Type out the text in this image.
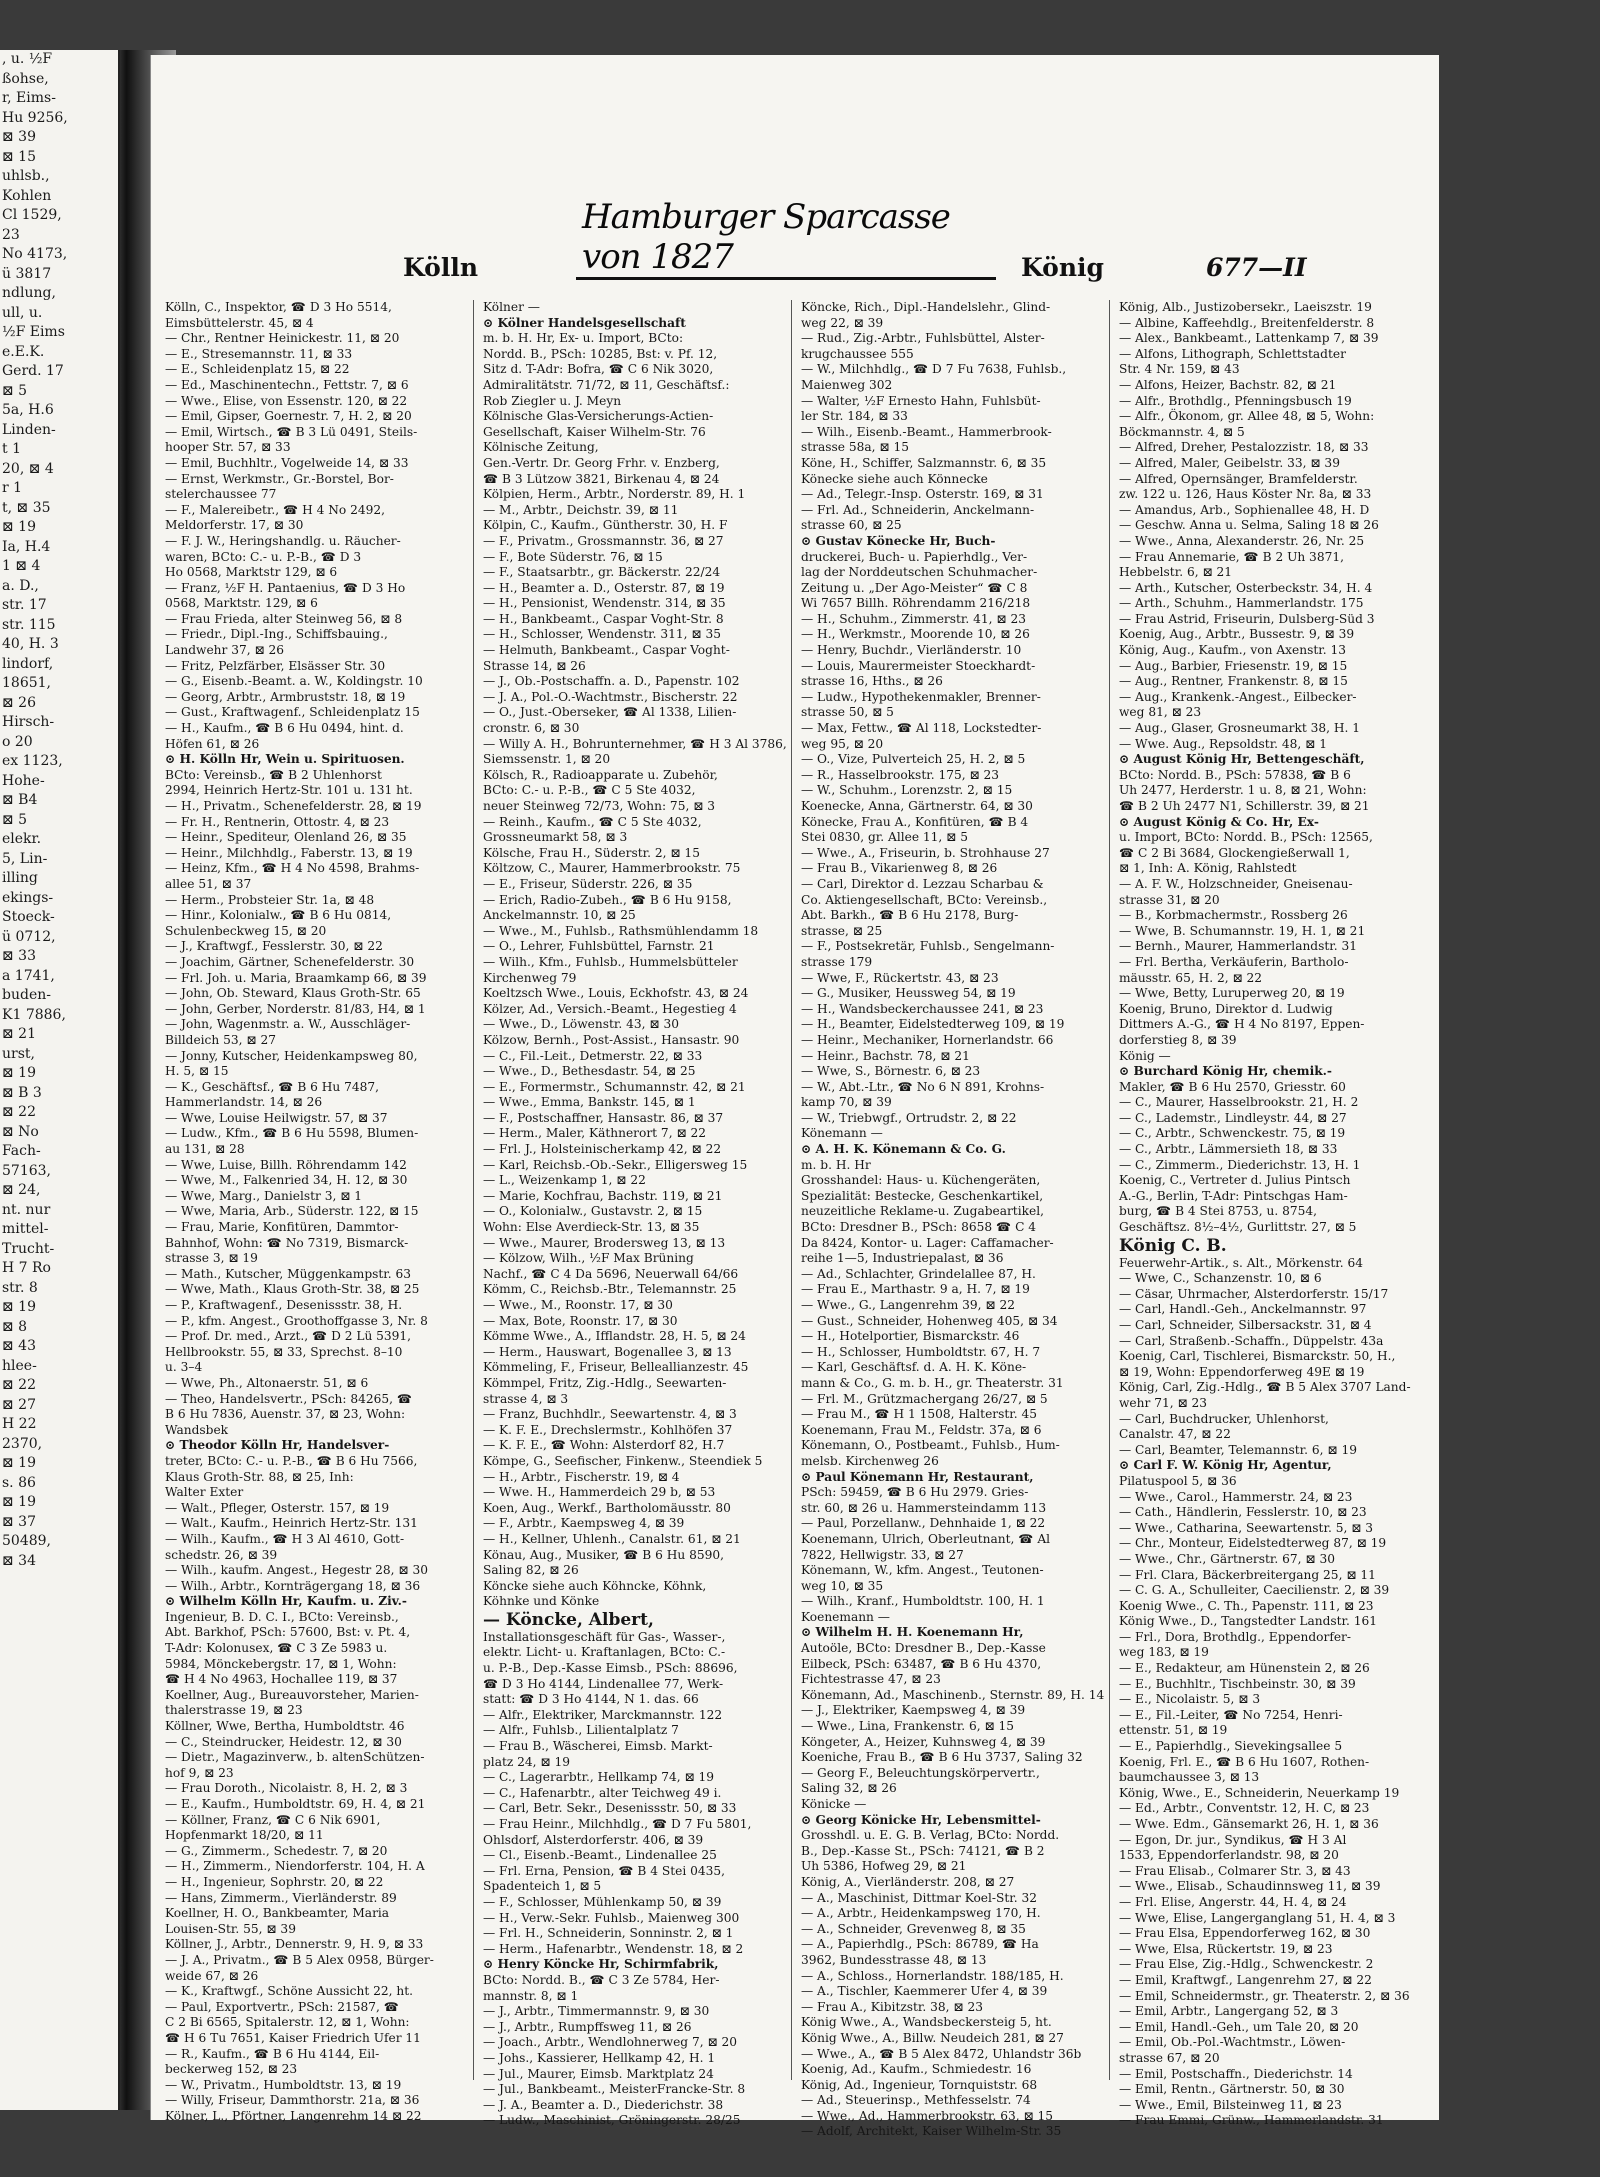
, u. ½F
ßohse,
r, Eims-
Hu 9256,
⊠ 39
⊠ 15
uhlsb.,
Kohlen
Cl 1529,
23
No 4173,
ü 3817
ndlung,
ull, u.
½F Eims
e.E.K.
Gerd. 17
⊠ 5
5a, H.6
Linden-
t 1
20, ⊠ 4
r 1
t, ⊠ 35
⊠ 19
Ia, H.4
1 ⊠ 4
a. D.,
str. 17
str. 115
40, H. 3
lindorf,
18651,
⊠ 26
Hirsch-
o 20
ex 1123,
Hohe-
⊠ B4
⊠ 5
elekr.
5, Lin-
illing
ekings-
Stoeck-
ü 0712,
⊠ 33
a 1741,
buden-
K1 7886,
⊠ 21
urst,
⊠ 19
⊠ B 3
⊠ 22
⊠ No
Fach-
57163,
⊠ 24,
nt. nur
mittel-
Trucht-
H 7 Ro
str. 8
⊠ 19
⊠ 8
⊠ 43
hlee-
⊠ 22
⊠ 27
H 22
2370,
⊠ 19
s. 86
⊠ 19
⊠ 37
50489,
⊠ 34
Kölln
Hamburger Sparcasse von 1827	König	677—II
Kölln, C., Inspektor, ☎ D 3 Ho 5514,
Eimsbüttelerstr. 45, ⊠ 4
— Chr., Rentner Heinickestr. 11, ⊠ 20
— E., Stresemannstr. 11, ⊠ 33
— E., Schleidenplatz 15, ⊠ 22
— Ed., Maschinentechn., Fettstr. 7, ⊠ 6
— Wwe., Elise, von Essenstr. 120, ⊠ 22
— Emil, Gipser, Goernestr. 7, H. 2, ⊠ 20
— Emil, Wirtsch., ☎ B 3 Lü 0491, Steils-
hooper Str. 57, ⊠ 33
— Emil, Buchhltr., Vogelweide 14, ⊠ 33
— Ernst, Werkmstr., Gr.-Borstel, Bor-
stelerchaussee 77
— F., Malereibetr., ☎ H 4 No 2492,
Meldorferstr. 17, ⊠ 30
— F. J. W., Heringshandlg. u. Räucher-
waren, BCto: C.- u. P.-B., ☎ D 3
Ho 0568, Marktstr 129, ⊠ 6
— Franz, ½F H. Pantaenius, ☎ D 3 Ho
0568, Marktstr. 129, ⊠ 6
— Frau Frieda, alter Steinweg 56, ⊠ 8
— Friedr., Dipl.-Ing., Schiffsbauing.,
Landwehr 37, ⊠ 26
— Fritz, Pelzfärber, Elsässer Str. 30
— G., Eisenb.-Beamt. a. W., Koldingstr. 10
— Georg, Arbtr., Armbruststr. 18, ⊠ 19
— Gust., Kraftwagenf., Schleidenplatz 15
— H., Kaufm., ☎ B 6 Hu 0494, hint. d.
Höfen 61, ⊠ 26
⊙ H. Kölln Hr, Wein u. Spirituosen.
BCto: Vereinsb., ☎ B 2 Uhlenhorst
2994, Heinrich Hertz-Str. 101 u. 131 ht.
— H., Privatm., Schenefelderstr. 28, ⊠ 19
— Fr. H., Rentnerin, Ottostr. 4, ⊠ 23
— Heinr., Spediteur, Olenland 26, ⊠ 35
— Heinr., Milchhdlg., Faberstr. 13, ⊠ 19
— Heinz, Kfm., ☎ H 4 No 4598, Brahms-
allee 51, ⊠ 37
— Herm., Probsteier Str. 1a, ⊠ 48
— Hinr., Kolonialw., ☎ B 6 Hu 0814,
Schulenbeckweg 15, ⊠ 20
— J., Kraftwgf., Fesslerstr. 30, ⊠ 22
— Joachim, Gärtner, Schenefelderstr. 30
— Frl. Joh. u. Maria, Braamkamp 66, ⊠ 39
— John, Ob. Steward, Klaus Groth-Str. 65
— John, Gerber, Norderstr. 81/83, H4, ⊠ 1
— John, Wagenmstr. a. W., Ausschläger-
Billdeich 53, ⊠ 27
— Jonny, Kutscher, Heidenkampsweg 80,
H. 5, ⊠ 15
— K., Geschäftsf., ☎ B 6 Hu 7487,
Hammerlandstr. 14, ⊠ 26
— Wwe, Louise Heilwigstr. 57, ⊠ 37
— Ludw., Kfm., ☎ B 6 Hu 5598, Blumen-
au 131, ⊠ 28
— Wwe, Luise, Billh. Röhrendamm 142
— Wwe, M., Falkenried 34, H. 12, ⊠ 30
— Wwe, Marg., Danielstr 3, ⊠ 1
— Wwe, Maria, Arb., Süderstr. 122, ⊠ 15
— Frau, Marie, Konfitüren, Dammtor-
Bahnhof, Wohn: ☎ No 7319, Bismarck-
strasse 3, ⊠ 19
— Math., Kutscher, Müggenkampstr. 63
— Wwe, Math., Klaus Groth-Str. 38, ⊠ 25
— P., Kraftwagenf., Desenissstr. 38, H.
— P., kfm. Angest., Groothoffgasse 3, Nr. 8
— Prof. Dr. med., Arzt., ☎ D 2 Lü 5391,
Hellbrookstr. 55, ⊠ 33, Sprechst. 8–10
u. 3–4
— Wwe, Ph., Altonaerstr. 51, ⊠ 6
— Theo, Handelsvertr., PSch: 84265, ☎
B 6 Hu 7836, Auenstr. 37, ⊠ 23, Wohn:
Wandsbek
⊙ Theodor Kölln Hr, Handelsver-
treter, BCto: C.- u. P.-B., ☎ B 6 Hu 7566,
Klaus Groth-Str. 88, ⊠ 25, Inh:
Walter Exter
— Walt., Pfleger, Osterstr. 157, ⊠ 19
— Walt., Kaufm., Heinrich Hertz-Str. 131
— Wilh., Kaufm., ☎ H 3 Al 4610, Gott-
schedstr. 26, ⊠ 39
— Wilh., kaufm. Angest., Hegestr 28, ⊠ 30
— Wilh., Arbtr., Kornträgergang 18, ⊠ 36
⊙ Wilhelm Kölln Hr, Kaufm. u. Ziv.-
Ingenieur, B. D. C. I., BCto: Vereinsb.,
Abt. Barkhof, PSch: 57600, Bst: v. Pt. 4,
T-Adr: Kolonusex, ☎ C 3 Ze 5983 u.
5984, Mönckebergstr. 17, ⊠ 1, Wohn:
☎ H 4 No 4963, Hochallee 119, ⊠ 37
Koellner, Aug., Bureauvorsteher, Marien-
thalerstrasse 19, ⊠ 23
Köllner, Wwe, Bertha, Humboldtstr. 46
— C., Steindrucker, Heidestr. 12, ⊠ 30
— Dietr., Magazinverw., b. altenSchützen-
hof 9, ⊠ 23
— Frau Doroth., Nicolaistr. 8, H. 2, ⊠ 3
— E., Kaufm., Humboldtstr. 69, H. 4, ⊠ 21
— Köllner, Franz, ☎ C 6 Nik 6901,
Hopfenmarkt 18/20, ⊠ 11
— G., Zimmerm., Schedestr. 7, ⊠ 20
— H., Zimmerm., Niendorferstr. 104, H. A
— H., Ingenieur, Sophrstr. 20, ⊠ 22
— Hans, Zimmerm., Vierländerstr. 89
Koellner, H. O., Bankbeamter, Maria
Louisen-Str. 55, ⊠ 39
Köllner, J., Arbtr., Dennerstr. 9, H. 9, ⊠ 33
— J. A., Privatm., ☎ B 5 Alex 0958, Bürger-
weide 67, ⊠ 26
— K., Kraftwgf., Schöne Aussicht 22, ht.
— Paul, Exportvertr., PSch: 21587, ☎
C 2 Bi 6565, Spitalerstr. 12, ⊠ 1, Wohn:
☎ H 6 Tu 7651, Kaiser Friedrich Ufer 11
— R., Kaufm., ☎ B 6 Hu 4144, Eil-
beckerweg 152, ⊠ 23
— W., Privatm., Humboldtstr. 13, ⊠ 19
— Willy, Friseur, Dammthorstr. 21a, ⊠ 36
Kölner, L., Pförtner, Langenrehm 14 ⊠ 22
Kölner —
⊙ Kölner Handelsgesellschaft
m. b. H. Hr, Ex- u. Import, BCto:
Nordd. B., PSch: 10285, Bst: v. Pf. 12,
Sitz d. T-Adr: Bofra, ☎ C 6 Nik 3020,
Admiralitätstr. 71/72, ⊠ 11, Geschäftsf.:
Rob Ziegler u. J. Meyn
Kölnische Glas-Versicherungs-Actien-
Gesellschaft, Kaiser Wilhelm-Str. 76
Kölnische Zeitung,
Gen.-Vertr. Dr. Georg Frhr. v. Enzberg,
☎ B 3 Lützow 3821, Birkenau 4, ⊠ 24
Kölpien, Herm., Arbtr., Norderstr. 89, H. 1
— M., Arbtr., Deichstr. 39, ⊠ 11
Kölpin, C., Kaufm., Güntherstr. 30, H. F
— F., Privatm., Grossmannstr. 36, ⊠ 27
— F., Bote Süderstr. 76, ⊠ 15
— F., Staatsarbtr., gr. Bäckerstr. 22/24
— H., Beamter a. D., Osterstr. 87, ⊠ 19
— H., Pensionist, Wendenstr. 314, ⊠ 35
— H., Bankbeamt., Caspar Voght-Str. 8
— H., Schlosser, Wendenstr. 311, ⊠ 35
— Helmuth, Bankbeamt., Caspar Voght-
Strasse 14, ⊠ 26
— J., Ob.-Postschaffn. a. D., Papenstr. 102
— J. A., Pol.-O.-Wachtmstr., Bischerstr. 22
— O., Just.-Oberseker, ☎ Al 1338, Lilien-
cronstr. 6, ⊠ 30
— Willy A. H., Bohrunternehmer, ☎ H 3 Al 3786,
Siemssenstr. 1, ⊠ 20
Kölsch, R., Radioapparate u. Zubehör,
BCto: C.- u. P.-B., ☎ C 5 Ste 4032,
neuer Steinweg 72/73, Wohn: 75, ⊠ 3
— Reinh., Kaufm., ☎ C 5 Ste 4032,
Grossneumarkt 58, ⊠ 3
Kölsche, Frau H., Süderstr. 2, ⊠ 15
Költzow, C., Maurer, Hammerbrookstr. 75
— E., Friseur, Süderstr. 226, ⊠ 35
— Erich, Radio-Zubeh., ☎ B 6 Hu 9158,
Anckelmannstr. 10, ⊠ 25
— Wwe., M., Fuhlsb., Rathsmühlendamm 18
— O., Lehrer, Fuhlsbüttel, Farnstr. 21
— Wilh., Kfm., Fuhlsb., Hummelsbütteler
Kirchenweg 79
Koeltzsch Wwe., Louis, Eckhofstr. 43, ⊠ 24
Kölzer, Ad., Versich.-Beamt., Hegestieg 4
— Wwe., D., Löwenstr. 43, ⊠ 30
Kölzow, Bernh., Post-Assist., Hansastr. 90
— C., Fil.-Leit., Detmerstr. 22, ⊠ 33
— Wwe., D., Bethesdastr. 54, ⊠ 25
— E., Formermstr., Schumannstr. 42, ⊠ 21
— Wwe., Emma, Bankstr. 145, ⊠ 1
— F., Postschaffner, Hansastr. 86, ⊠ 37
— Herm., Maler, Käthnerort 7, ⊠ 22
— Frl. J., Holsteinischerkamp 42, ⊠ 22
— Karl, Reichsb.-Ob.-Sekr., Elligersweg 15
— L., Weizenkamp 1, ⊠ 22
— Marie, Kochfrau, Bachstr. 119, ⊠ 21
— O., Kolonialw., Gustavstr. 2, ⊠ 15
Wohn: Else Averdieck-Str. 13, ⊠ 35
— Wwe., Maurer, Brodersweg 13, ⊠ 13
— Kölzow, Wilh., ½F Max Brüning
Nachf., ☎ C 4 Da 5696, Neuerwall 64/66
Kömm, C., Reichsb.-Btr., Telemannstr. 25
— Wwe., M., Roonstr. 17, ⊠ 30
— Max, Bote, Roonstr. 17, ⊠ 30
Kömme Wwe., A., Ifflandstr. 28, H. 5, ⊠ 24
— Herm., Hauswart, Bogenallee 3, ⊠ 13
Kömmeling, F., Friseur, Belleallianzestr. 45
Kömmpel, Fritz, Zig.-Hdlg., Seewarten-
strasse 4, ⊠ 3
— Franz, Buchhdlr., Seewartenstr. 4, ⊠ 3
— K. F. E., Drechslermstr., Kohlhöfen 37
— K. F. E., ☎ Wohn: Alsterdorf 82, H.7
Kömpe, G., Seefischer, Finkenw., Steendiek 5
— H., Arbtr., Fischerstr. 19, ⊠ 4
— Wwe. H., Hammerdeich 29 b, ⊠ 53
Koen, Aug., Werkf., Bartholomäusstr. 80
— F., Arbtr., Kaempsweg 4, ⊠ 39
— H., Kellner, Uhlenh., Canalstr. 61, ⊠ 21
Könau, Aug., Musiker, ☎ B 6 Hu 8590,
Saling 82, ⊠ 26
Köncke siehe auch Köhncke, Köhnk,
Köhnke und Könke
— Köncke, Albert,
Installationsgeschäft für Gas-, Wasser-,
elektr. Licht- u. Kraftanlagen, BCto: C.-
u. P.-B., Dep.-Kasse Eimsb., PSch: 88696,
☎ D 3 Ho 4144, Lindenallee 77, Werk-
statt: ☎ D 3 Ho 4144, N 1. das. 66
— Alfr., Elektriker, Marckmannstr. 122
— Alfr., Fuhlsb., Lilientalplatz 7
— Frau B., Wäscherei, Eimsb. Markt-
platz 24, ⊠ 19
— C., Lagerarbtr., Hellkamp 74, ⊠ 19
— C., Hafenarbtr., alter Teichweg 49 i.
— Carl, Betr. Sekr., Desenissstr. 50, ⊠ 33
— Frau Heinr., Milchhdlg., ☎ D 7 Fu 5801,
Ohlsdorf, Alsterdorferstr. 406, ⊠ 39
— Cl., Eisenb.-Beamt., Lindenallee 25
— Frl. Erna, Pension, ☎ B 4 Stei 0435,
Spadenteich 1, ⊠ 5
— F., Schlosser, Mühlenkamp 50, ⊠ 39
— H., Verw.-Sekr. Fuhlsb., Maienweg 300
— Frl. H., Schneiderin, Sonninstr. 2, ⊠ 1
— Herm., Hafenarbtr., Wendenstr. 18, ⊠ 2
⊙ Henry Köncke Hr, Schirmfabrik,
BCto: Nordd. B., ☎ C 3 Ze 5784, Her-
mannstr. 8, ⊠ 1
— J., Arbtr., Timmermannstr. 9, ⊠ 30
— J., Arbtr., Rumpffsweg 11, ⊠ 26
— Joach., Arbtr., Wendlohnerweg 7, ⊠ 20
— Johs., Kassierer, Hellkamp 42, H. 1
— Jul., Maurer, Eimsb. Marktplatz 24
— Jul., Bankbeamt., MeisterFrancke-Str. 8
— J. A., Beamter a. D., Diederichstr. 38
— Ludw., Maschinist, Gröningerstr. 28/25
Köncke, Rich., Dipl.-Handelslehr., Glind-
weg 22, ⊠ 39
— Rud., Zig.-Arbtr., Fuhlsbüttel, Alster-
krugchaussee 555
— W., Milchhdlg., ☎ D 7 Fu 7638, Fuhlsb.,
Maienweg 302
— Walter, ½F Ernesto Hahn, Fuhlsbüt-
ler Str. 184, ⊠ 33
— Wilh., Eisenb.-Beamt., Hammerbrook-
strasse 58a, ⊠ 15
Köne, H., Schiffer, Salzmannstr. 6, ⊠ 35
Könecke siehe auch Könnecke
— Ad., Telegr.-Insp. Osterstr. 169, ⊠ 31
— Frl. Ad., Schneiderin, Anckelmann-
strasse 60, ⊠ 25
⊙ Gustav Könecke Hr, Buch-
druckerei, Buch- u. Papierhdlg., Ver-
lag der Norddeutschen Schuhmacher-
Zeitung u. „Der Ago-Meister“ ☎ C 8
Wi 7657 Billh. Röhrendamm 216/218
— H., Schuhm., Zimmerstr. 41, ⊠ 23
— H., Werkmstr., Moorende 10, ⊠ 26
— Henry, Buchdr., Vierländerstr. 10
— Louis, Maurermeister Stoeckhardt-
strasse 16, Hths., ⊠ 26
— Ludw., Hypothekenmakler, Brenner-
strasse 50, ⊠ 5
— Max, Fettw., ☎ Al 118, Lockstedter-
weg 95, ⊠ 20
— O., Vize, Pulverteich 25, H. 2, ⊠ 5
— R., Hasselbrookstr. 175, ⊠ 23
— W., Schuhm., Lorenzstr. 2, ⊠ 15
Koenecke, Anna, Gärtnerstr. 64, ⊠ 30
Könecke, Frau A., Konfitüren, ☎ B 4
Stei 0830, gr. Allee 11, ⊠ 5
— Wwe., A., Friseurin, b. Strohhause 27
— Frau B., Vikarienweg 8, ⊠ 26
— Carl, Direktor d. Lezzau Scharbau &
Co. Aktiengesellschaft, BCto: Vereinsb.,
Abt. Barkh., ☎ B 6 Hu 2178, Burg-
strasse, ⊠ 25
— F., Postsekretär, Fuhlsb., Sengelmann-
strasse 179
— Wwe, F., Rückertstr. 43, ⊠ 23
— G., Musiker, Heussweg 54, ⊠ 19
— H., Wandsbeckerchaussee 241, ⊠ 23
— H., Beamter, Eidelstedterweg 109, ⊠ 19
— Heinr., Mechaniker, Hornerlandstr. 66
— Heinr., Bachstr. 78, ⊠ 21
— Wwe, S., Börnestr. 6, ⊠ 23
— W., Abt.-Ltr., ☎ No 6 N 891, Krohns-
kamp 70, ⊠ 39
— W., Triebwgf., Ortrudstr. 2, ⊠ 22
Könemann —
⊙ A. H. K. Könemann & Co. G.
m. b. H. Hr
Grosshandel: Haus- u. Küchengeräten,
Spezialität: Bestecke, Geschenkartikel,
neuzeitliche Reklame-u. Zugabeartikel,
BCto: Dresdner B., PSch: 8658 ☎ C 4
Da 8424, Kontor- u. Lager: Caffamacher-
reihe 1—5, Industriepalast, ⊠ 36
— Ad., Schlachter, Grindelallee 87, H.
— Frau E., Marthastr. 9 a, H. 7, ⊠ 19
— Wwe., G., Langenrehm 39, ⊠ 22
— Gust., Schneider, Hohenweg 405, ⊠ 34
— H., Hotelportier, Bismarckstr. 46
— H., Schlosser, Humboldtstr. 67, H. 7
— Karl, Geschäftsf. d. A. H. K. Köne-
mann & Co., G. m. b. H., gr. Theaterstr. 31
— Frl. M., Grützmachergang 26/27, ⊠ 5
— Frau M., ☎ H 1 1508, Halterstr. 45
Koenemann, Frau M., Feldstr. 37a, ⊠ 6
Könemann, O., Postbeamt., Fuhlsb., Hum-
melsb. Kirchenweg 26
⊙ Paul Könemann Hr, Restaurant,
PSch: 59459, ☎ B 6 Hu 2979. Gries-
str. 60, ⊠ 26 u. Hammersteindamm 113
— Paul, Porzellanw., Dehnhaide 1, ⊠ 22
Koenemann, Ulrich, Oberleutnant, ☎ Al
7822, Hellwigstr. 33, ⊠ 27
Könemann, W., kfm. Angest., Teutonen-
weg 10, ⊠ 35
— Wilh., Kranf., Humboldtstr. 100, H. 1
Koenemann —
⊙ Wilhelm H. H. Koenemann Hr,
Autoöle, BCto: Dresdner B., Dep.-Kasse
Eilbeck, PSch: 63487, ☎ B 6 Hu 4370,
Fichtestrasse 47, ⊠ 23
Könemann, Ad., Maschinenb., Sternstr. 89, H. 14
— J., Elektriker, Kaempsweg 4, ⊠ 39
— Wwe., Lina, Frankenstr. 6, ⊠ 15
Köngeter, A., Heizer, Kuhnsweg 4, ⊠ 39
Koeniche, Frau B., ☎ B 6 Hu 3737, Saling 32
— Georg F., Beleuchtungskörpervertr.,
Saling 32, ⊠ 26
Könicke —
⊙ Georg Könicke Hr, Lebensmittel-
Grosshdl. u. E. G. B. Verlag, BCto: Nordd.
B., Dep.-Kasse St., PSch: 74121, ☎ B 2
Uh 5386, Hofweg 29, ⊠ 21
König, A., Vierländerstr. 208, ⊠ 27
— A., Maschinist, Dittmar Koel-Str. 32
— A., Arbtr., Heidenkampsweg 170, H.
— A., Schneider, Grevenweg 8, ⊠ 35
— A., Papierhdlg., PSch: 86789, ☎ Ha
3962, Bundesstrasse 48, ⊠ 13
— A., Schloss., Hornerlandstr. 188/185, H.
— A., Tischler, Kaemmerer Ufer 4, ⊠ 39
— Frau A., Kibitzstr. 38, ⊠ 23
König Wwe., A., Wandsbeckersteig 5, ht.
König Wwe., A., Billw. Neudeich 281, ⊠ 27
— Wwe., A., ☎ B 5 Alex 8472, Uhlandstr 36b
Koenig, Ad., Kaufm., Schmiedestr. 16
König, Ad., Ingenieur, Tornquiststr. 68
— Ad., Steuerinsp., Methfesselstr. 74
— Wwe., Ad., Hammerbrookstr. 63, ⊠ 15
— Adolf, Architekt, Kaiser Wilhelm-Str. 35
König, Alb., Justizobersekr., Laeiszstr. 19
— Albine, Kaffeehdlg., Breitenfelderstr. 8
— Alex., Bankbeamt., Lattenkamp 7, ⊠ 39
— Alfons, Lithograph, Schlettstadter
Str. 4 Nr. 159, ⊠ 43
— Alfons, Heizer, Bachstr. 82, ⊠ 21
— Alfr., Brothdlg., Pfenningsbusch 19
— Alfr., Ökonom, gr. Allee 48, ⊠ 5, Wohn:
Böckmannstr. 4, ⊠ 5
— Alfred, Dreher, Pestalozzistr. 18, ⊠ 33
— Alfred, Maler, Geibelstr. 33, ⊠ 39
— Alfred, Opernsänger, Bramfelderstr.
zw. 122 u. 126, Haus Köster Nr. 8a, ⊠ 33
— Amandus, Arb., Sophienallee 48, H. D
— Geschw. Anna u. Selma, Saling 18 ⊠ 26
— Wwe., Anna, Alexanderstr. 26, Nr. 25
— Frau Annemarie, ☎ B 2 Uh 3871,
Hebbelstr. 6, ⊠ 21
— Arth., Kutscher, Osterbeckstr. 34, H. 4
— Arth., Schuhm., Hammerlandstr. 175
— Frau Astrid, Friseurin, Dulsberg-Süd 3
Koenig, Aug., Arbtr., Bussestr. 9, ⊠ 39
König, Aug., Kaufm., von Axenstr. 13
— Aug., Barbier, Friesenstr. 19, ⊠ 15
— Aug., Rentner, Frankenstr. 8, ⊠ 15
— Aug., Krankenk.-Angest., Eilbecker-
weg 81, ⊠ 23
— Aug., Glaser, Grosneumarkt 38, H. 1
— Wwe. Aug., Repsoldstr. 48, ⊠ 1
⊙ August König Hr, Bettengeschäft,
BCto: Nordd. B., PSch: 57838, ☎ B 6
Uh 2477, Herderstr. 1 u. 8, ⊠ 21, Wohn:
☎ B 2 Uh 2477 N1, Schillerstr. 39, ⊠ 21
⊙ August König & Co. Hr, Ex-
u. Import, BCto: Nordd. B., PSch: 12565,
☎ C 2 Bi 3684, Glockengießerwall 1,
⊠ 1, Inh: A. König, Rahlstedt
— A. F. W., Holzschneider, Gneisenau-
strasse 31, ⊠ 20
— B., Korbmachermstr., Rossberg 26
— Wwe, B. Schumannstr. 19, H. 1, ⊠ 21
— Bernh., Maurer, Hammerlandstr. 31
— Frl. Bertha, Verkäuferin, Bartholo-
mäusstr. 65, H. 2, ⊠ 22
— Wwe, Betty, Luruperweg 20, ⊠ 19
Koenig, Bruno, Direktor d. Ludwig
Dittmers A.-G., ☎ H 4 No 8197, Eppen-
dorferstieg 8, ⊠ 39
König —
⊙ Burchard König Hr, chemik.-
Makler, ☎ B 6 Hu 2570, Griesstr. 60
— C., Maurer, Hasselbrookstr. 21, H. 2
— C., Lademstr., Lindleystr. 44, ⊠ 27
— C., Arbtr., Schwenckestr. 75, ⊠ 19
— C., Arbtr., Lämmersieth 18, ⊠ 33
— C., Zimmerm., Diederichstr. 13, H. 1
Koenig, C., Vertreter d. Julius Pintsch
A.-G., Berlin, T-Adr: Pintschgas Ham-
burg, ☎ B 4 Stei 8753, u. 8754,
Geschäftsz. 8½–4½, Gurlittstr. 27, ⊠ 5
König C. B.
Feuerwehr-Artik., s. Alt., Mörkenstr. 64
— Wwe, C., Schanzenstr. 10, ⊠ 6
— Cäsar, Uhrmacher, Alsterdorferstr. 15/17
— Carl, Handl.-Geh., Anckelmannstr. 97
— Carl, Schneider, Silbersackstr. 31, ⊠ 4
— Carl, Straßenb.-Schaffn., Düppelstr. 43a
Koenig, Carl, Tischlerei, Bismarckstr. 50, H.,
⊠ 19, Wohn: Eppendorferweg 49E ⊠ 19
König, Carl, Zig.-Hdlg., ☎ B 5 Alex 3707 Land-
wehr 71, ⊠ 23
— Carl, Buchdrucker, Uhlenhorst,
Canalstr. 47, ⊠ 22
— Carl, Beamter, Telemannstr. 6, ⊠ 19
⊙ Carl F. W. König Hr, Agentur,
Pilatuspool 5, ⊠ 36
— Wwe., Carol., Hammerstr. 24, ⊠ 23
— Cath., Händlerin, Fesslerstr. 10, ⊠ 23
— Wwe., Catharina, Seewartenstr. 5, ⊠ 3
— Chr., Monteur, Eidelstedterweg 87, ⊠ 19
— Wwe., Chr., Gärtnerstr. 67, ⊠ 30
— Frl. Clara, Bäckerbreitergang 25, ⊠ 11
— C. G. A., Schulleiter, Caecilienstr. 2, ⊠ 39
Koenig Wwe., C. Th., Papenstr. 111, ⊠ 23
König Wwe., D., Tangstedter Landstr. 161
— Frl., Dora, Brothdlg., Eppendorfer-
weg 183, ⊠ 19
— E., Redakteur, am Hünenstein 2, ⊠ 26
— E., Buchhltr., Tischbeinstr. 30, ⊠ 39
— E., Nicolaistr. 5, ⊠ 3
— E., Fil.-Leiter, ☎ No 7254, Henri-
ettenstr. 51, ⊠ 19
— E., Papierhdlg., Sievekingsallee 5
Koenig, Frl. E., ☎ B 6 Hu 1607, Rothen-
baumchaussee 3, ⊠ 13
König, Wwe., E., Schneiderin, Neuerkamp 19
— Ed., Arbtr., Conventstr. 12, H. C, ⊠ 23
— Wwe. Edm., Gänsemarkt 26, H. 1, ⊠ 36
— Egon, Dr. jur., Syndikus, ☎ H 3 Al
1533, Eppendorferlandstr. 98, ⊠ 20
— Frau Elisab., Colmarer Str. 3, ⊠ 43
— Wwe., Elisab., Schaudinnsweg 11, ⊠ 39
— Frl. Elise, Angerstr. 44, H. 4, ⊠ 24
— Wwe, Elise, Langerganglang 51, H. 4, ⊠ 3
— Frau Elsa, Eppendorferweg 162, ⊠ 30
— Wwe, Elsa, Rückertstr. 19, ⊠ 23
— Frau Else, Zig.-Hdlg., Schwenckestr. 2
— Emil, Kraftwgf., Langenrehm 27, ⊠ 22
— Emil, Schneidermstr., gr. Theaterstr. 2, ⊠ 36
— Emil, Arbtr., Langergang 52, ⊠ 3
— Emil, Handl.-Geh., um Tale 20, ⊠ 20
— Emil, Ob.-Pol.-Wachtmstr., Löwen-
strasse 67, ⊠ 20
— Emil, Postschaffn., Diederichstr. 14
— Emil, Rentn., Gärtnerstr. 50, ⊠ 30
— Wwe., Emil, Bilsteinweg 11, ⊠ 23
— Frau Emmi, Grünw., Hammerlandstr. 31
